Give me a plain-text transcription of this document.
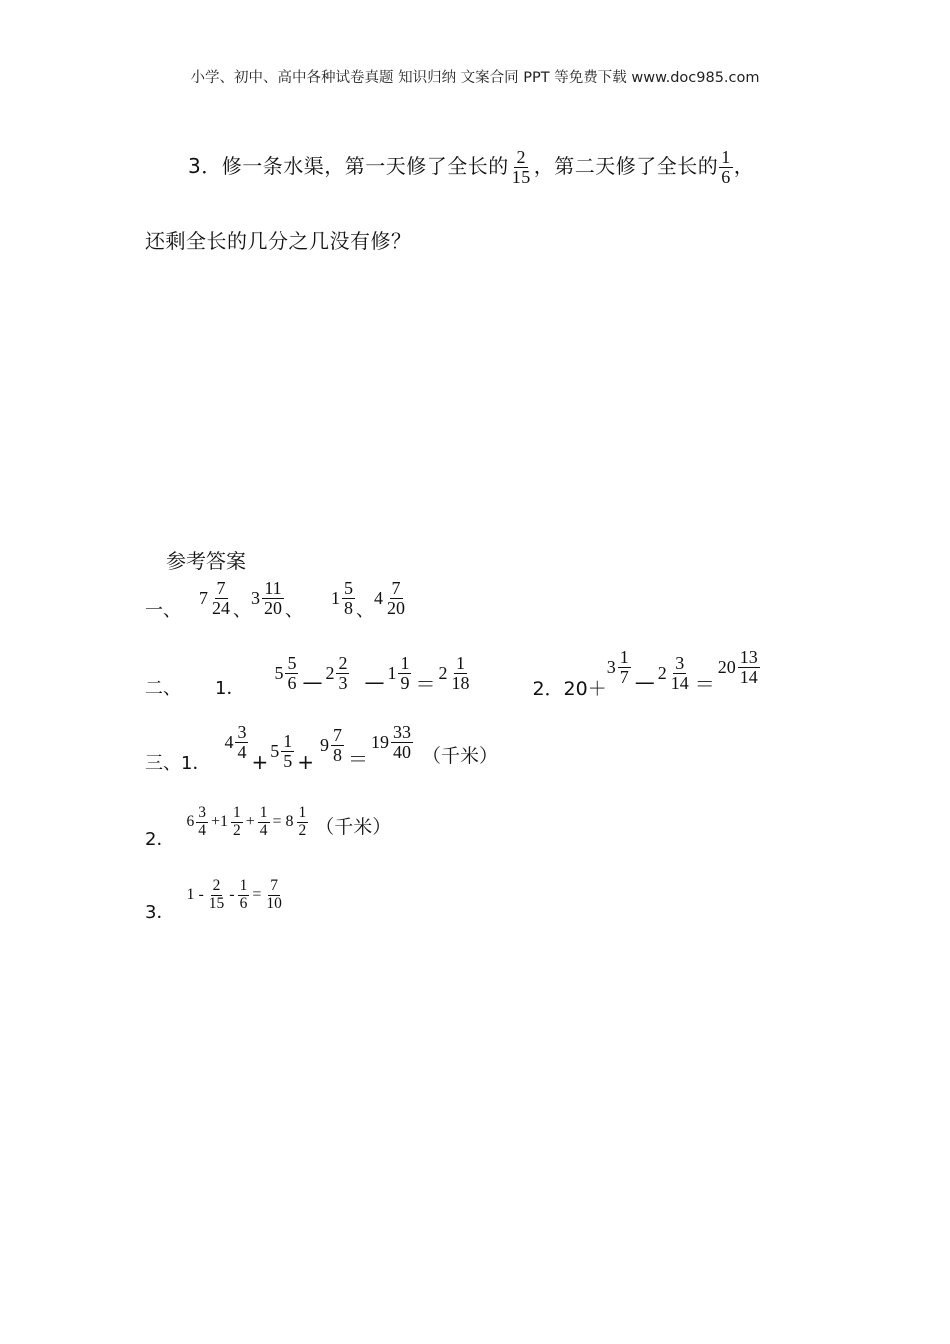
小学、初中、高中各种试卷真题 知识归纳 文案合同 PPT 等免费下载 www.doc985.com
3．修一条水渠，第一天修了全长的 $\frac{2}{15}$ ，第二天修了全长的 $\frac{1}{6}$ ，
还剩全长的几分之几没有修？
参考答案
一、
$7 \frac{7}{24}$ 、
$3 \frac{11}{20}$ 、
$1 \frac{5}{8}$ 、
$4 \frac{7}{20}$
二、 1．
$5 \frac{5}{6}$ — $2 \frac{2}{3}$ — $1 \frac{1}{9} = 2 \frac{1}{18}$	2．20＋
$3 \frac{1}{7}$ — $2 \frac{3}{14}$ ＝
$20 \frac{13}{14}$
三、1．
$4 \frac{3}{4}$
+ $5 \frac{1}{5}$ +
$9 \frac{7}{8}$ ＝
$19 \frac{33}{40}$ （千米）
2．
$6 \frac{3}{4} +1 \frac{1}{2} + \frac{1}{4} = 8 \frac{1}{2}$ （千米）
3．
$1 - \frac{2}{15} - \frac{1}{6} = \frac{7}{10}$
